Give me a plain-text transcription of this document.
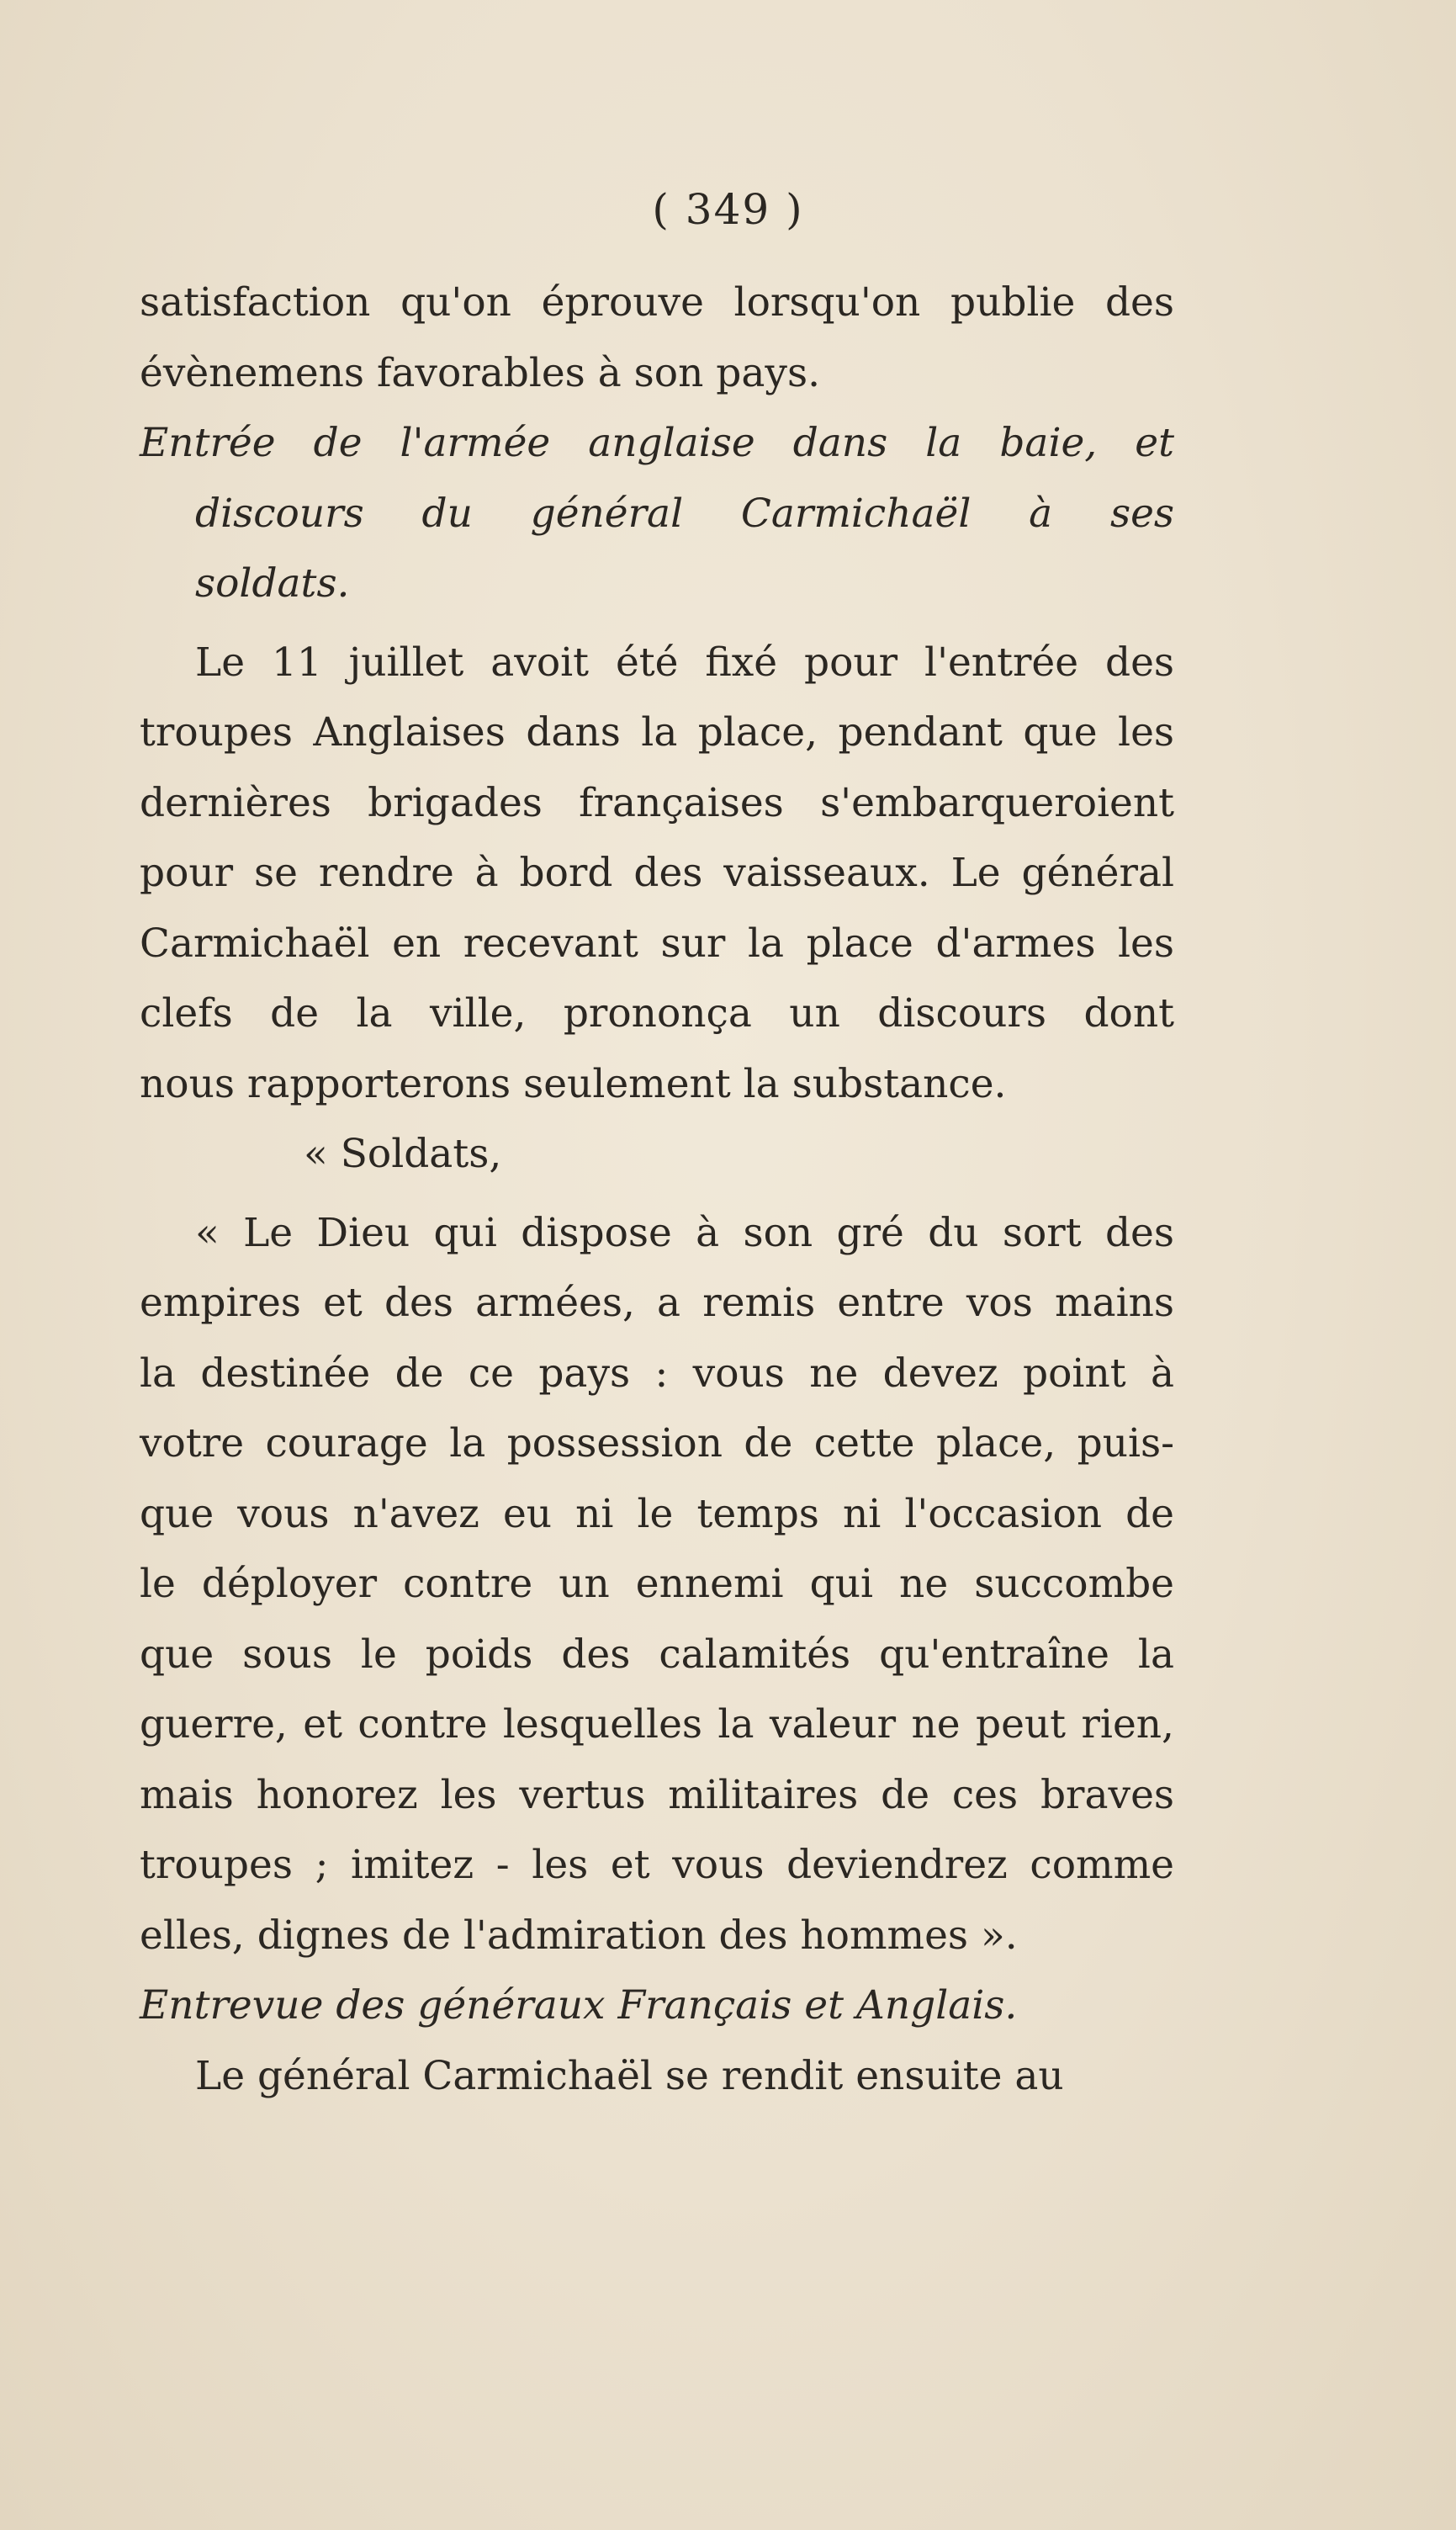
( 349 )
satisfaction qu'on éprouve lorsqu'on publie des
évènemens favorables à son pays.
Entrée de l'armée anglaise dans la baie, et
discours du général Carmichaël à ses
soldats.
Le 11 juillet avoit été fixé pour l'entrée des
troupes Anglaises dans la place, pendant que les
dernières brigades françaises s'embarqueroient
pour se rendre à bord des vaisseaux. Le général
Carmichaël en recevant sur la place d'armes les
clefs de la ville, prononça un discours dont
nous rapporterons seulement la substance.
« Soldats,
« Le Dieu qui dispose à son gré du sort des
empires et des armées, a remis entre vos mains
la destinée de ce pays : vous ne devez point à
votre courage la possession de cette place, puis-
que vous n'avez eu ni le temps ni l'occasion de
le déployer contre un ennemi qui ne succombe
que sous le poids des calamités qu'entraîne la
guerre, et contre lesquelles la valeur ne peut rien,
mais honorez les vertus militaires de ces braves
troupes ; imitez - les et vous deviendrez comme
elles, dignes de l'admiration des hommes ».
Entrevue des généraux Français et Anglais.
Le général Carmichaël se rendit ensuite au
